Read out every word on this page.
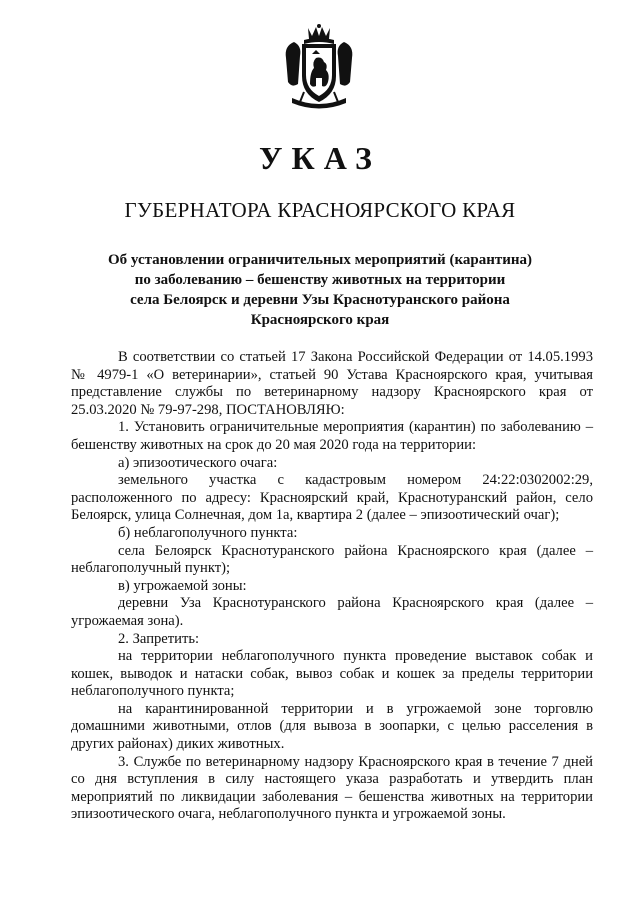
УКАЗ
ГУБЕРНАТОРА КРАСНОЯРСКОГО КРАЯ
Об установлении ограничительных мероприятий (карантина)
по заболеванию – бешенству животных на территории
села Белоярск и деревни Узы Краснотуранского района
Красноярского края

В соответствии со статьей 17 Закона Российской Федерации от 14.05.1993 № 4979-1 «О ветеринарии», статьей 90 Устава Красноярского края, учитывая представление службы по ветеринарному надзору Красноярского края от 25.03.2020 № 79-97-298, ПОСТАНОВЛЯЮ:

1. Установить ограничительные мероприятия (карантин) по заболеванию – бешенству животных на срок до 20 мая 2020 года на территории:

а) эпизоотического очага:

земельного участка с кадастровым номером 24:22:0302002:29, расположенного по адресу: Красноярский край, Краснотуранский район, село Белоярск, улица Солнечная, дом 1а, квартира 2 (далее – эпизоотический очаг);

б) неблагополучного пункта:

села Белоярск Краснотуранского района Красноярского края (далее – неблагополучный пункт);

в) угрожаемой зоны:

деревни Уза Краснотуранского района Красноярского края (далее – угрожаемая зона).

2. Запретить:

на территории неблагополучного пункта проведение выставок собак и кошек, выводок и натаски собак, вывоз собак и кошек за пределы территории неблагополучного пункта;

на карантинированной территории и в угрожаемой зоне торговлю домашними животными, отлов (для вывоза в зоопарки, с целью расселения в других районах) диких животных.

3. Службе по ветеринарному надзору Красноярского края в течение 7 дней со дня вступления в силу настоящего указа разработать и утвердить план мероприятий по ликвидации заболевания – бешенства животных на территории эпизоотического очага, неблагополучного пункта и угрожаемой зоны.
